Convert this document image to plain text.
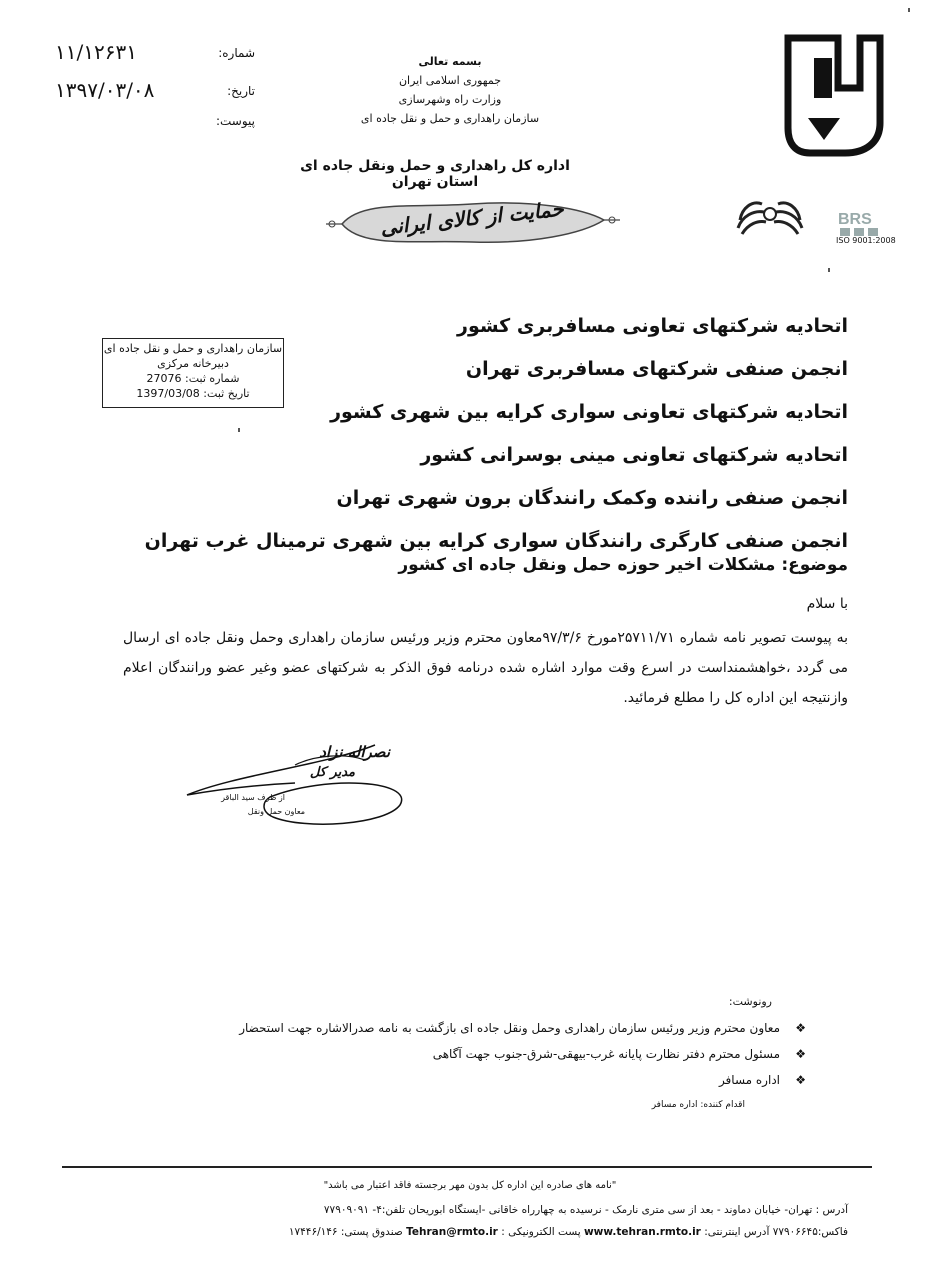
شماره:
۱۱/۱۲۶۳۱
تاریخ:
۱۳۹۷/۰۳/۰۸
پیوست:
بسمه تعالی
جمهوری اسلامی ایران
وزارت راه وشهرسازی
سازمان راهداری و حمل و نقل جاده ای
اداره کل راهداری و حمل ونقل جاده ای استان تهران
حمایت از کالای ایرانی	BRS
ISO 9001:2008
سازمان راهداری و حمل و نقل جاده ای
دبیرخانه مرکزی
شماره ثبت: 27076
تاریخ ثبت: 1397/03/08
اتحادیه شرکتهای تعاونی مسافربری کشور
انجمن صنفی شرکتهای مسافربری تهران
اتحادیه شرکتهای تعاونی سواری کرایه بین شهری کشور
اتحادیه شرکتهای تعاونی مینی بوسرانی کشور
انجمن صنفی راننده وکمک رانندگان برون شهری تهران
انجمن صنفی کارگری رانندگان سواری کرایه بین شهری ترمینال غرب تهران
موضوع: مشکلات اخیر حوزه حمل ونقل جاده ای کشور
با سلام
به پیوست تصویر نامه شماره ۲۵۷۱۱/۷۱مورخ ۹۷/۳/۶معاون محترم وزیر ورئیس سازمان راهداری وحمل ونقل جاده ای ارسال می گردد ،خواهشمنداست در اسرع وقت موارد اشاره شده درنامه فوق الذکر به شرکتهای عضو وغیر عضو ورانندگان اعلام وازنتیجه این اداره کل را مطلع فرمائید.
نصراله نزاد
مدیر کل
از طرف سید الباقر
معاون حمل ونقل
رونوشت:
❖
معاون محترم وزیر ورئیس سازمان راهداری وحمل ونقل جاده ای بازگشت به نامه صدرالاشاره جهت استحضار
❖
مسئول محترم دفتر نظارت پایانه غرب-بیهقی-شرق-جنوب جهت آگاهی
❖
اداره مسافر
اقدام کننده: اداره مسافر
"نامه های صادره این اداره کل بدون مهر برجسته فاقد اعتبار می باشد"
آدرس : تهران- خیابان دماوند - بعد از سی متری نارمک - نرسیده به چهارراه خاقانی -ایستگاه ابوریحان تلفن:۴- ۷۷۹۰۹۰۹۱
فاکس:۷۷۹۰۶۶۴۵ آدرس اینترنتی: www.tehran.rmto.ir پست الکترونیکی : Tehran@rmto.ir صندوق پستی: ۱۷۴۴۶/۱۴۶
